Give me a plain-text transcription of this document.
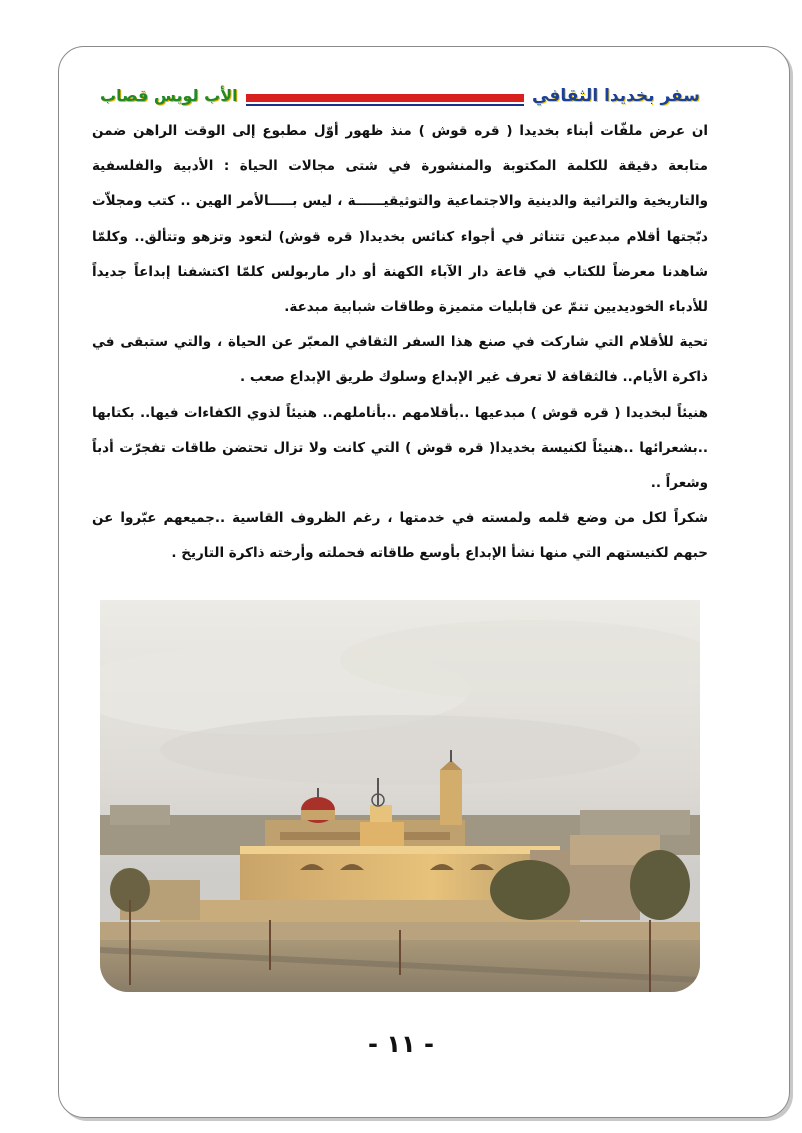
سفر بخديدا الثقافي
الأب لويس قصاب

ان عرض ملفّات أبناء بخديدا ( قره قوش ) منذ ظهور أوّل مطبوع إلى الوقت الراهن ضمن متابعة دقيقة للكلمة المكتوبة والمنشورة في شتى مجالات الحياة : الأدبية والفلسفية والتاريخية والتراثية والدينية والاجتماعية والتوثيقيــــــة ، ليس بـــــالأمر الهين .. كتب ومجلاّت دبّجتها أقلام مبدعين تتناثر في أجواء كنائس بخديدا( قره قوش) لتعود وتزهو وتتألق.. وكلمّا شاهدنا معرضاً للكتاب في قاعة دار الآباء الكهنة أو دار ماربولس كلمّا اكتشفنا إبداعاً جديداً للأدباء الخوديديين تنمّ عن قابليات متميزة وطاقات شبابية مبدعة.

تحية للأقلام التي شاركت في صنع هذا السفر الثقافي المعبّر عن الحياة ، والتي ستبقى في ذاكرة الأيام.. فالثقافة لا تعرف غير الإبداع وسلوك طريق الإبداع صعب .

هنيئاً لبخديدا ( قره قوش ) مبدعيها ..بأقلامهم ..بأناملهم.. هنيئاً لذوي الكفاءات فيها.. بكتابها ..بشعرائها ..هنيئاً لكنيسة بخديدا( قره قوش ) التي كانت ولا تزال تحتضن طاقات تفجرّت أدباً وشعراً ..

شكراً لكل من وضع قلمه ولمسته في خدمتها ، رغم الظروف القاسية ..جميعهم عبّروا عن حبهم لكنيستهم التي منها نشأ الإبداع بأوسع طاقاته فحملته وأرخته ذاكرة التاريخ .

- ١١ -
